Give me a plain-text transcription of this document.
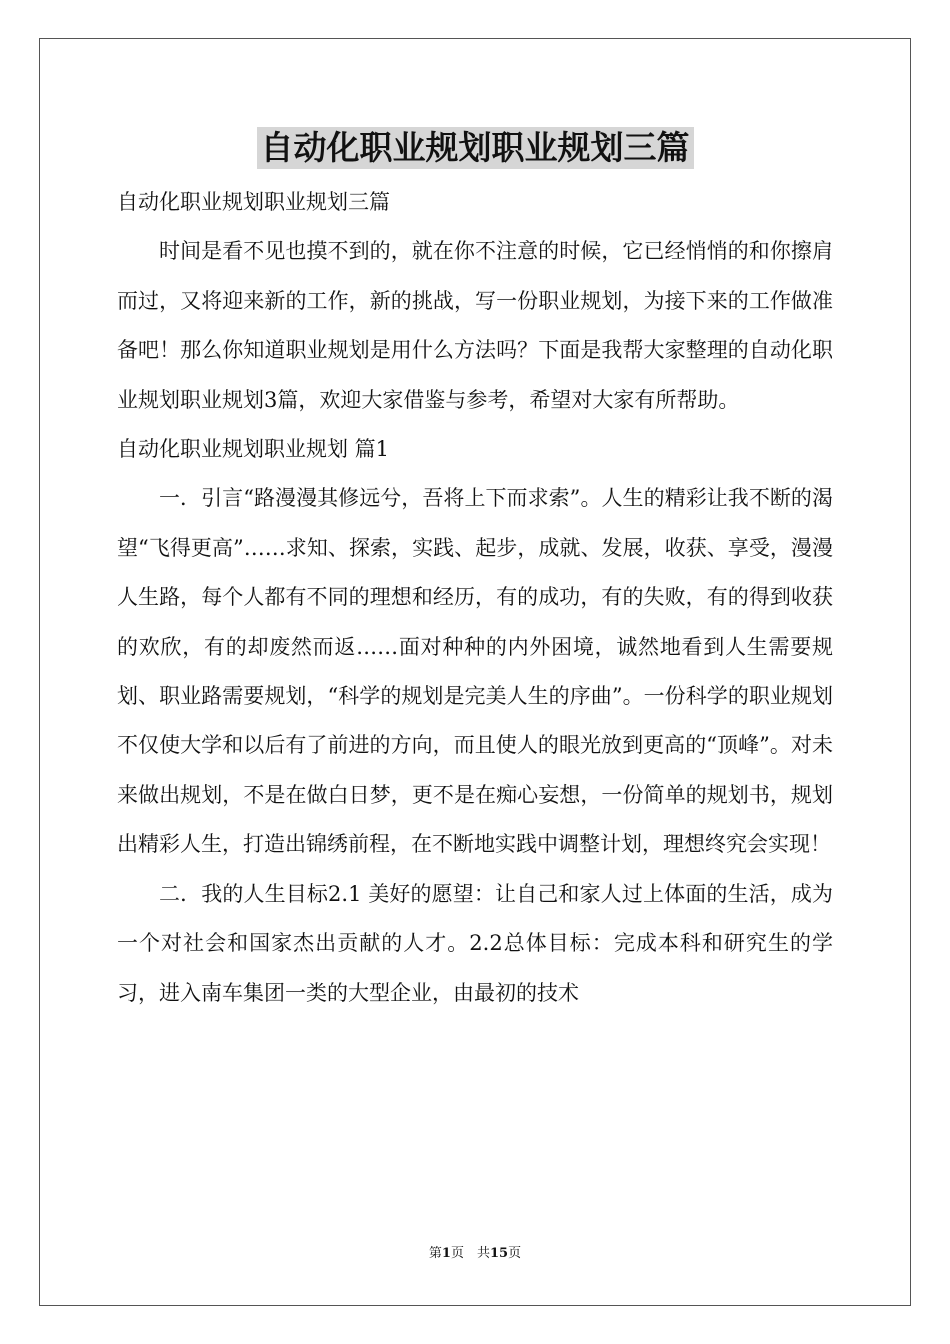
自动化职业规划职业规划三篇

自动化职业规划职业规划三篇

时间是看不见也摸不到的，就在你不注意的时候，它已经悄悄的和你擦肩而过，又将迎来新的工作，新的挑战，写一份职业规划，为接下来的工作做准备吧！那么你知道职业规划是用什么方法吗？下面是我帮大家整理的自动化职业规划职业规划3篇，欢迎大家借鉴与参考，希望对大家有所帮助。

自动化职业规划职业规划 篇1

一．引言“路漫漫其修远兮，吾将上下而求索”。人生的精彩让我不断的渴望“飞得更高”……求知、探索，实践、起步，成就、发展，收获、享受，漫漫人生路，每个人都有不同的理想和经历，有的成功，有的失败，有的得到收获的欢欣，有的却废然而返……面对种种的内外困境，诚然地看到人生需要规划、职业路需要规划，“科学的规划是完美人生的序曲”。一份科学的职业规划不仅使大学和以后有了前进的方向，而且使人的眼光放到更高的“顶峰”。对未来做出规划，不是在做白日梦，更不是在痴心妄想，一份简单的规划书，规划出精彩人生，打造出锦绣前程，在不断地实践中调整计划，理想终究会实现！

二．我的人生目标2.1 美好的愿望：让自己和家人过上体面的生活，成为一个对社会和国家杰出贡献的人才。2.2总体目标：完成本科和研究生的学习，进入南车集团一类的大型企业，由最初的技术

第1页　共15页
